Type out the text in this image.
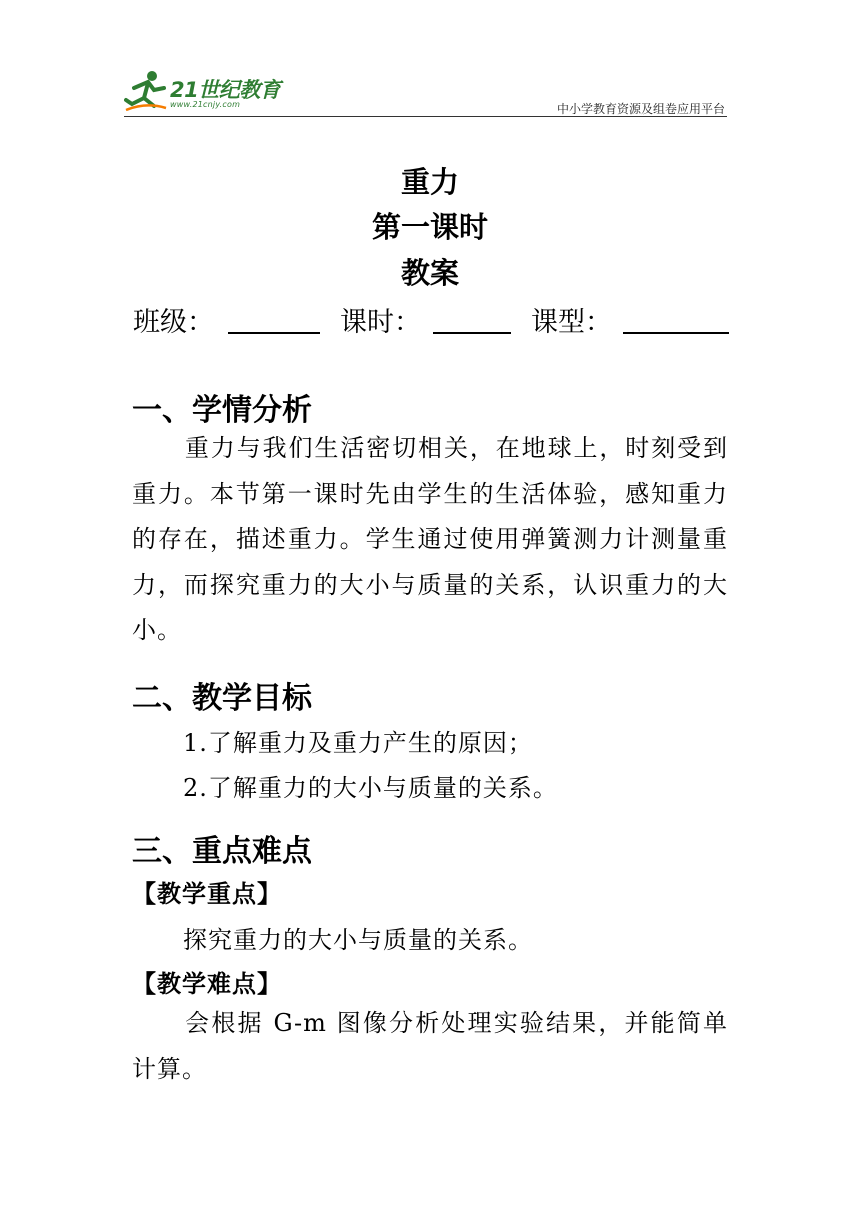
21世纪教育
www.21cnjy.com	中小学教育资源及组卷应用平台
重力
第一课时
教案
班级：	课时：	课型：
一、学情分析
重力与我们生活密切相关，在地球上，时刻受到重力。本节第一课时先由学生的生活体验，感知重力的存在，描述重力。学生通过使用弹簧测力计测量重力，而探究重力的大小与质量的关系，认识重力的大小。
二、教学目标
1.了解重力及重力产生的原因；
2.了解重力的大小与质量的关系。
三、重点难点
【教学重点】
探究重力的大小与质量的关系。
【教学难点】
会根据 G-m 图像分析处理实验结果，并能简单计算。
